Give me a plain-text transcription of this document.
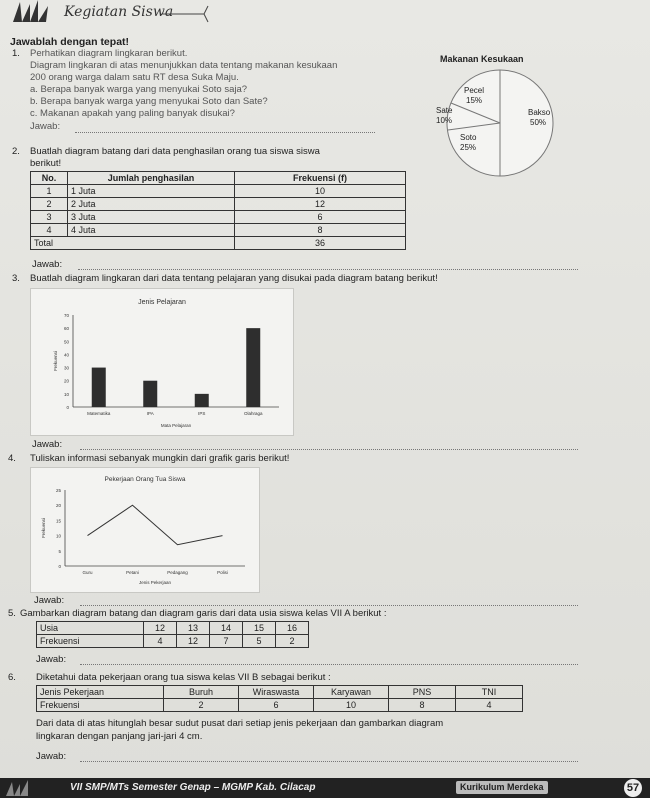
Kegiatan Siswa
Jawablah dengan tepat!
1. Perhatikan diagram lingkaran berikut.
Diagram lingkaran di atas menunjukkan data tentang makanan kesukaan
200 orang warga dalam satu RT desa Suka Maju.
a. Berapa banyak warga yang menyukai Soto saja?
b. Berapa banyak warga yang menyukai Soto dan Sate?
c. Makanan apakah yang paling banyak disukai?
Jawab:
Makanan Kesukaan
Pecel
15%
Sate
10%
Bakso
50%
Soto
25%
2. Buatlah diagram batang dari data penghasilan orang tua siswa siswa
berikut!
No.	Jumlah penghasilan	Frekuensi (f)
1	1 Juta	10
2	2 Juta	12
3	3 Juta	6
4	4 Juta	8
Total		36
Jawab:
3. Buatlah diagram lingkaran dari data tentang pelajaran yang disukai pada diagram batang berikut!
Jenis Pelajaran
0
10
20
30
40
50
60
70
Matematika	IPA	IPS	Olahraga
Mata Pelajaran
Frekuensi
Jawab:
4. Tuliskan informasi sebanyak mungkin dari grafik garis berikut!
Pekerjaan Orang Tua Siswa
0
5
10
15
20
25
Guru	Petani	Pedagang	Polisi
Jenis Pekerjaan
Frekuensi
Jawab:
5. Gambarkan diagram batang dan diagram garis dari data usia siswa kelas VII A berikut :
Usia	12	13	14	15	16
Frekuensi	4	12	7	5	2
Jawab:
6. Diketahui data pekerjaan orang tua siswa kelas VII B sebagai berikut :
Jenis Pekerjaan	Buruh	Wiraswasta	Karyawan	PNS	TNI
Frekuensi	2	6	10	8	4
Dari data di atas hitunglah besar sudut pusat dari setiap jenis pekerjaan dan gambarkan diagram
lingkaran dengan panjang jari-jari 4 cm.
Jawab:
VII SMP/MTs Semester Genap – MGMP Kab. Cilacap	Kurikulum Merdeka	57
